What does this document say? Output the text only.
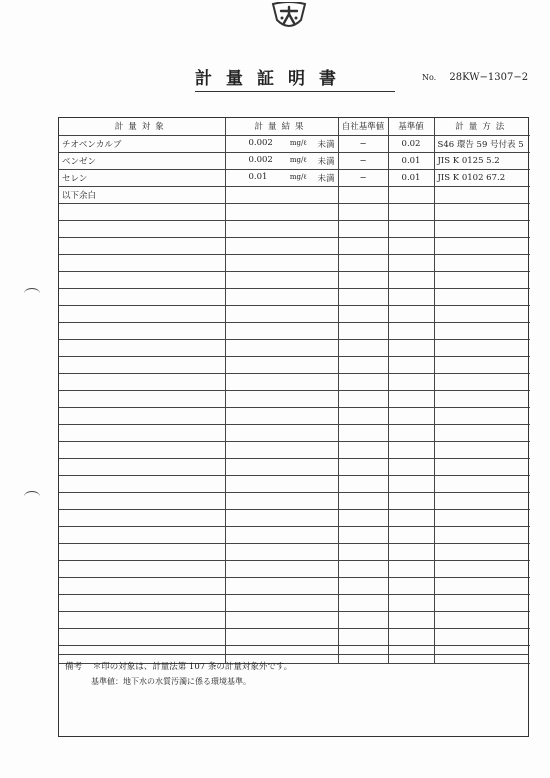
計量証明書	No. 28KW−1307−2
計量対象	計量結果	自社基準値	基準値	計量方法
チオベンカルブ	0.002 mg/ℓ 未満	−	0.02	S46 環告 59 号付表 5
ベンゼン	0.002 mg/ℓ 未満	−	0.01	JIS K 0125 5.2
セレン	0.01 mg/ℓ 未満	−	0.01	JIS K 0102 67.2
以下余白	

備考 ＊印の対象は、計量法第 107 条の計量対象外です。
基準値：地下水の水質汚濁に係る環境基準。
